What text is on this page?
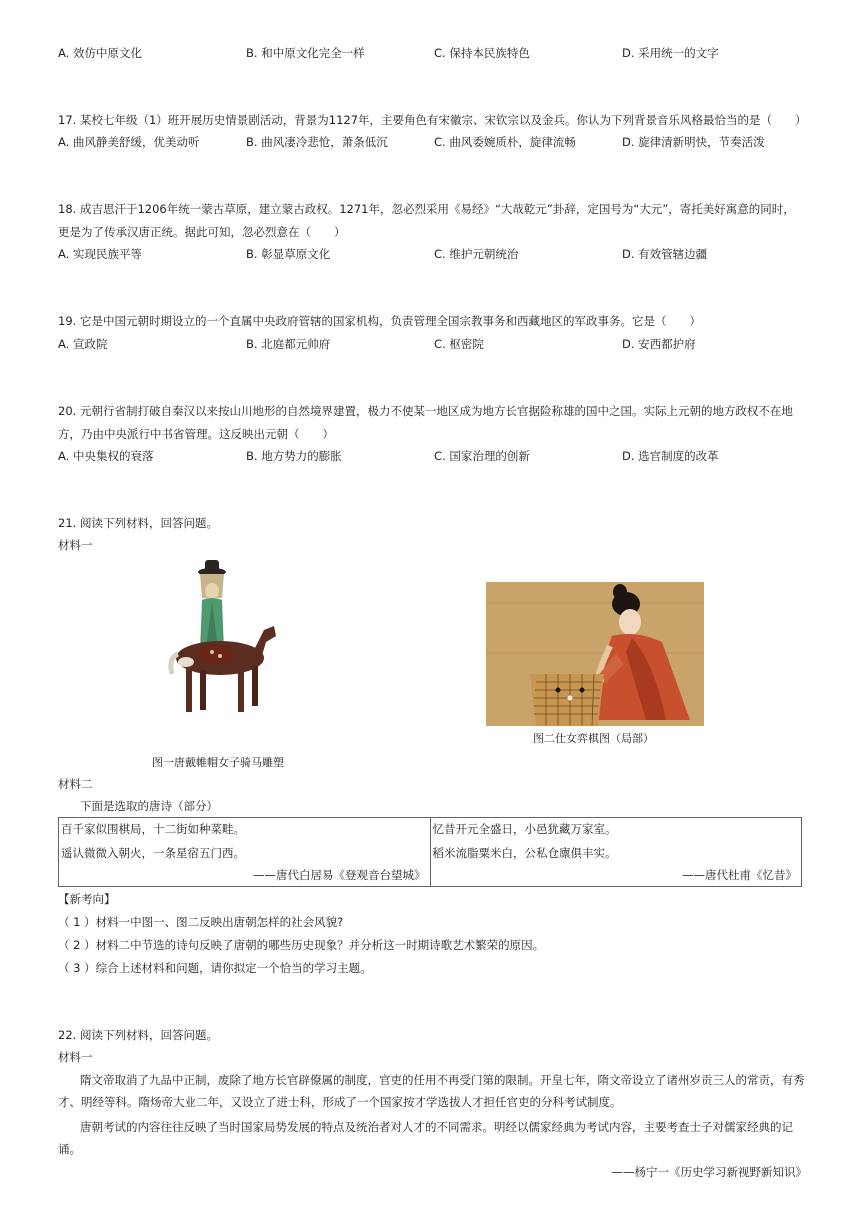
A. 效仿中原文化	B. 和中原文化完全一样	C. 保持本民族特色	D. 采用统一的文字
17. 某校七年级（1）班开展历史情景剧活动，背景为1127年，主要角色有宋徽宗、宋钦宗以及金兵。你认为下列背景音乐风格最恰当的是（　　）
A. 曲风静美舒缓，优美动听	B. 曲风凄冷悲怆，萧条低沉	C. 曲风委婉质朴，旋律流畅	D. 旋律清新明快，节奏活泼
18. 成吉思汗于1206年统一蒙古草原，建立蒙古政权。1271年，忽必烈采用《易经》“大哉乾元”卦辞，定国号为“大元”，寄托美好寓意的同时，
更是为了传承汉唐正统。据此可知，忽必烈意在（　　）
A. 实现民族平等	B. 彰显草原文化	C. 维护元朝统治	D. 有效管辖边疆
19. 它是中国元朝时期设立的一个直属中央政府管辖的国家机构，负责管理全国宗教事务和西藏地区的军政事务。它是（　　）
A. 宣政院	B. 北庭都元帅府	C. 枢密院	D. 安西都护府
20. 元朝行省制打破自秦汉以来按山川地形的自然境界建置，极力不使某一地区成为地方长官据险称雄的国中之国。实际上元朝的地方政权不在地
方，乃由中央派行中书省管理。这反映出元朝（　　）
A. 中央集权的衰落	B. 地方势力的膨胀	C. 国家治理的创新	D. 选官制度的改革
21. 阅读下列材料，回答问题。
材料一
图一唐戴帷帽女子骑马雕塑
图二仕女弈棋图（局部）
材料二
下面是选取的唐诗（部分）
百千家似围棋局，十二街如种菜畦。
遥认微微入朝火，一条星宿五门西。
——唐代白居易《登观音台望城》
忆昔开元全盛日，小邑犹藏万家室。
稻米流脂粟米白，公私仓廪俱丰实。
——唐代杜甫《忆昔》
【新考向】
（ 1 ）材料一中图一、图二反映出唐朝怎样的社会风貌?
（ 2 ）材料二中节选的诗句反映了唐朝的哪些历史现象？并分析这一时期诗歌艺术繁荣的原因。
（ 3 ）综合上述材料和问题，请你拟定一个恰当的学习主题。
22. 阅读下列材料，回答问题。
材料一
隋文帝取消了九品中正制，废除了地方长官辟僚属的制度，官吏的任用不再受门第的限制。开皇七年，隋文帝设立了诸州岁贡三人的常贡，有秀才、明经等科。隋炀帝大业二年，又设立了进士科，形成了一个国家按才学选拔人才担任官吏的分科考试制度。
唐朝考试的内容往往反映了当时国家局势发展的特点及统治者对人才的不同需求。明经以儒家经典为考试内容，主要考查士子对儒家经典的记诵。
——杨宁一《历史学习新视野新知识》
